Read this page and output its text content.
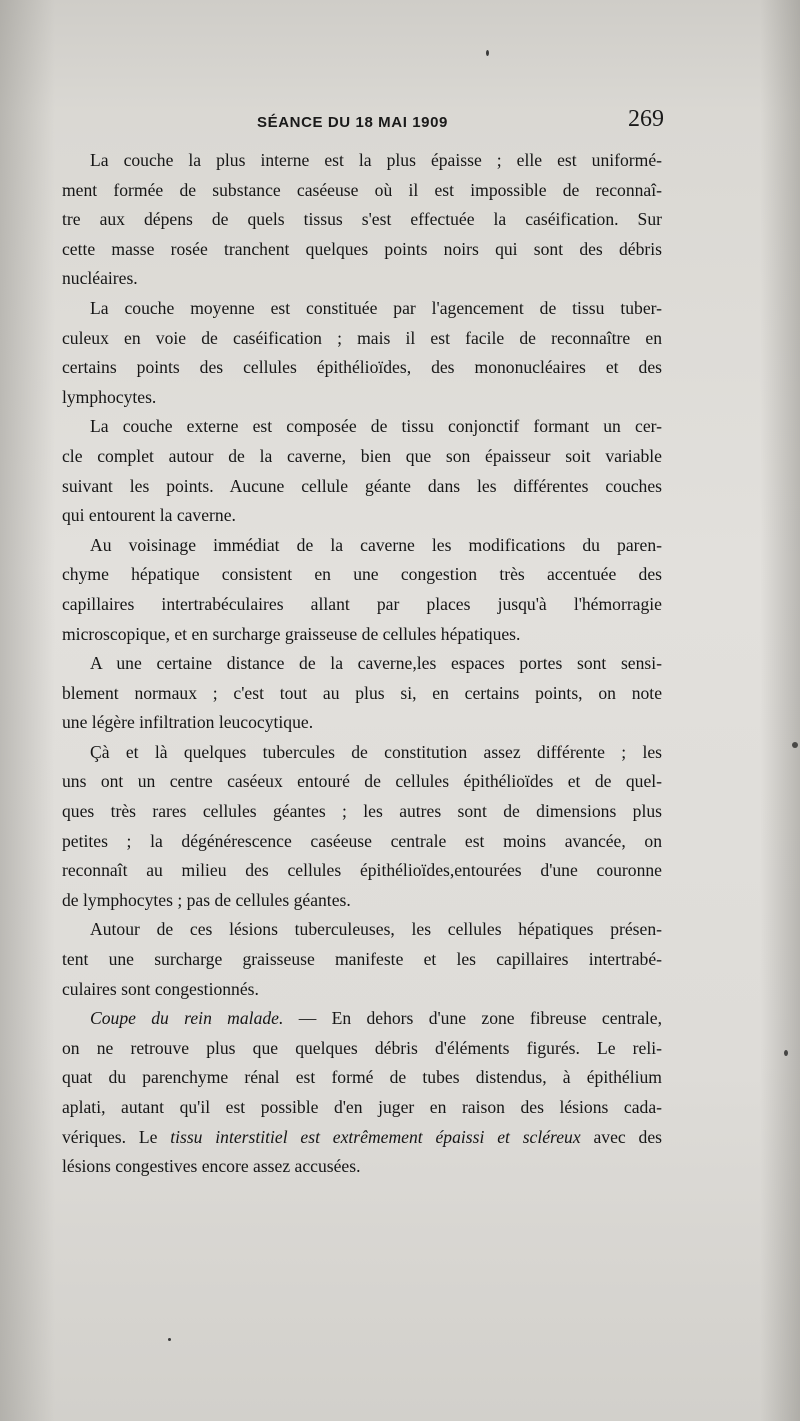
SÉANCE DU 18 MAI 1909	269
La couche la plus interne est la plus épaisse ; elle est uniformé-
ment formée de substance caséeuse où il est impossible de reconnaî-
tre aux dépens de quels tissus s'est effectuée la caséification. Sur
cette masse rosée tranchent quelques points noirs qui sont des débris
nucléaires.
La couche moyenne est constituée par l'agencement de tissu tuber-
culeux en voie de caséification ; mais il est facile de reconnaître en
certains points des cellules épithélioïdes, des mononucléaires et des
lymphocytes.
La couche externe est composée de tissu conjonctif formant un cer-
cle complet autour de la caverne, bien que son épaisseur soit variable
suivant les points. Aucune cellule géante dans les différentes couches
qui entourent la caverne.
Au voisinage immédiat de la caverne les modifications du paren-
chyme hépatique consistent en une congestion très accentuée des
capillaires intertrabéculaires allant par places jusqu'à l'hémorragie
microscopique, et en surcharge graisseuse de cellules hépatiques.
A une certaine distance de la caverne,les espaces portes sont sensi-
blement normaux ; c'est tout au plus si, en certains points, on note
une légère infiltration leucocytique.
Çà et là quelques tubercules de constitution assez différente ; les
uns ont un centre caséeux entouré de cellules épithélioïdes et de quel-
ques très rares cellules géantes ; les autres sont de dimensions plus
petites ; la dégénérescence caséeuse centrale est moins avancée, on
reconnaît au milieu des cellules épithélioïdes,entourées d'une couronne
de lymphocytes ; pas de cellules géantes.
Autour de ces lésions tuberculeuses, les cellules hépatiques présen-
tent une surcharge graisseuse manifeste et les capillaires intertrabé-
culaires sont congestionnés.
Coupe du rein malade. — En dehors d'une zone fibreuse centrale,
on ne retrouve plus que quelques débris d'éléments figurés. Le reli-
quat du parenchyme rénal est formé de tubes distendus, à épithélium
aplati, autant qu'il est possible d'en juger en raison des lésions cada-
vériques. Le tissu interstitiel est extrêmement épaissi et scléreux avec des
lésions congestives encore assez accusées.
